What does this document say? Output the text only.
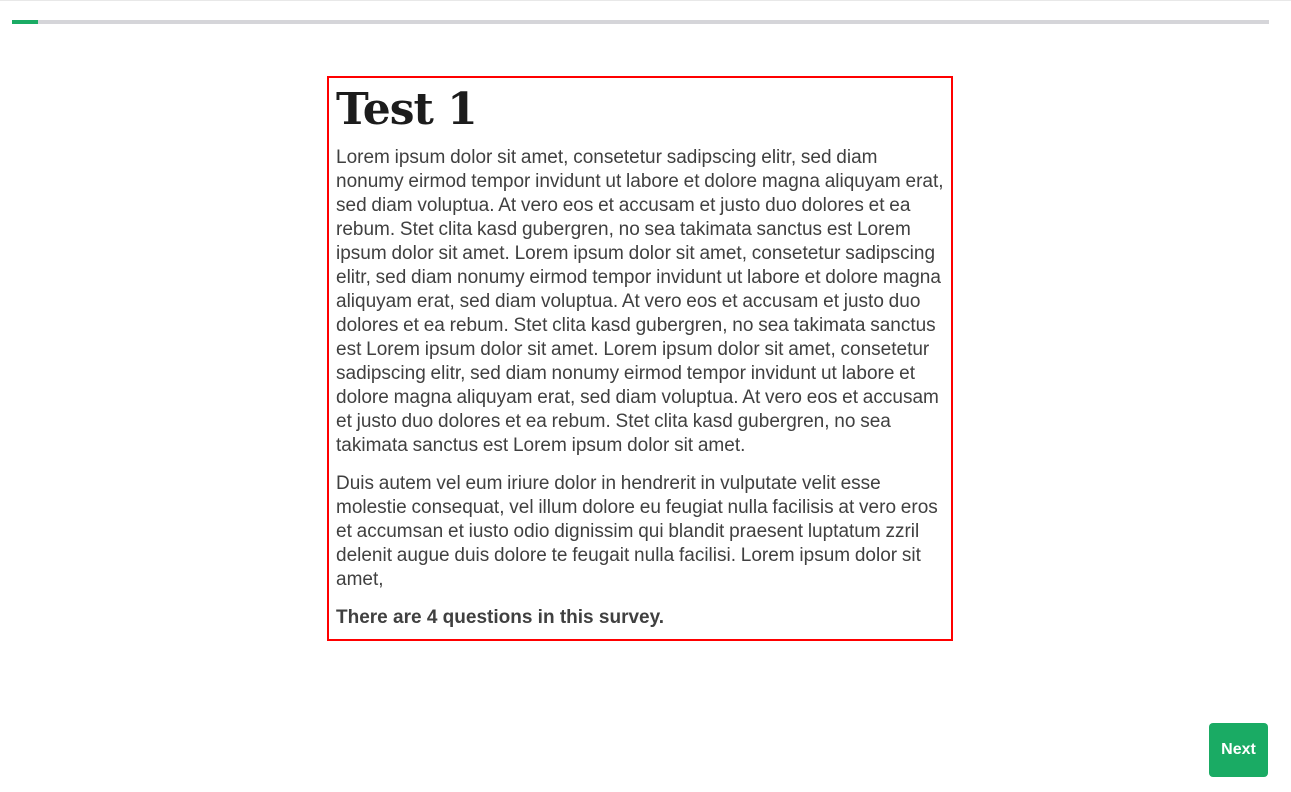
Test 1

Lorem ipsum dolor sit amet, consetetur sadipscing elitr, sed diam nonumy eirmod tempor invidunt ut labore et dolore magna aliquyam erat, sed diam voluptua. At vero eos et accusam et justo duo dolores et ea rebum. Stet clita kasd gubergren, no sea takimata sanctus est Lorem ipsum dolor sit amet. Lorem ipsum dolor sit amet, consetetur sadipscing elitr, sed diam nonumy eirmod tempor invidunt ut labore et dolore magna aliquyam erat, sed diam voluptua. At vero eos et accusam et justo duo dolores et ea rebum. Stet clita kasd gubergren, no sea takimata sanctus est Lorem ipsum dolor sit amet. Lorem ipsum dolor sit amet, consetetur sadipscing elitr, sed diam nonumy eirmod tempor invidunt ut labore et dolore magna aliquyam erat, sed diam voluptua. At vero eos et accusam et justo duo dolores et ea rebum. Stet clita kasd gubergren, no sea takimata sanctus est Lorem ipsum dolor sit amet.

Duis autem vel eum iriure dolor in hendrerit in vulputate velit esse molestie consequat, vel illum dolore eu feugiat nulla facilisis at vero eros et accumsan et iusto odio dignissim qui blandit praesent luptatum zzril delenit augue duis dolore te feugait nulla facilisi. Lorem ipsum dolor sit amet,

There are 4 questions in this survey.

Next
